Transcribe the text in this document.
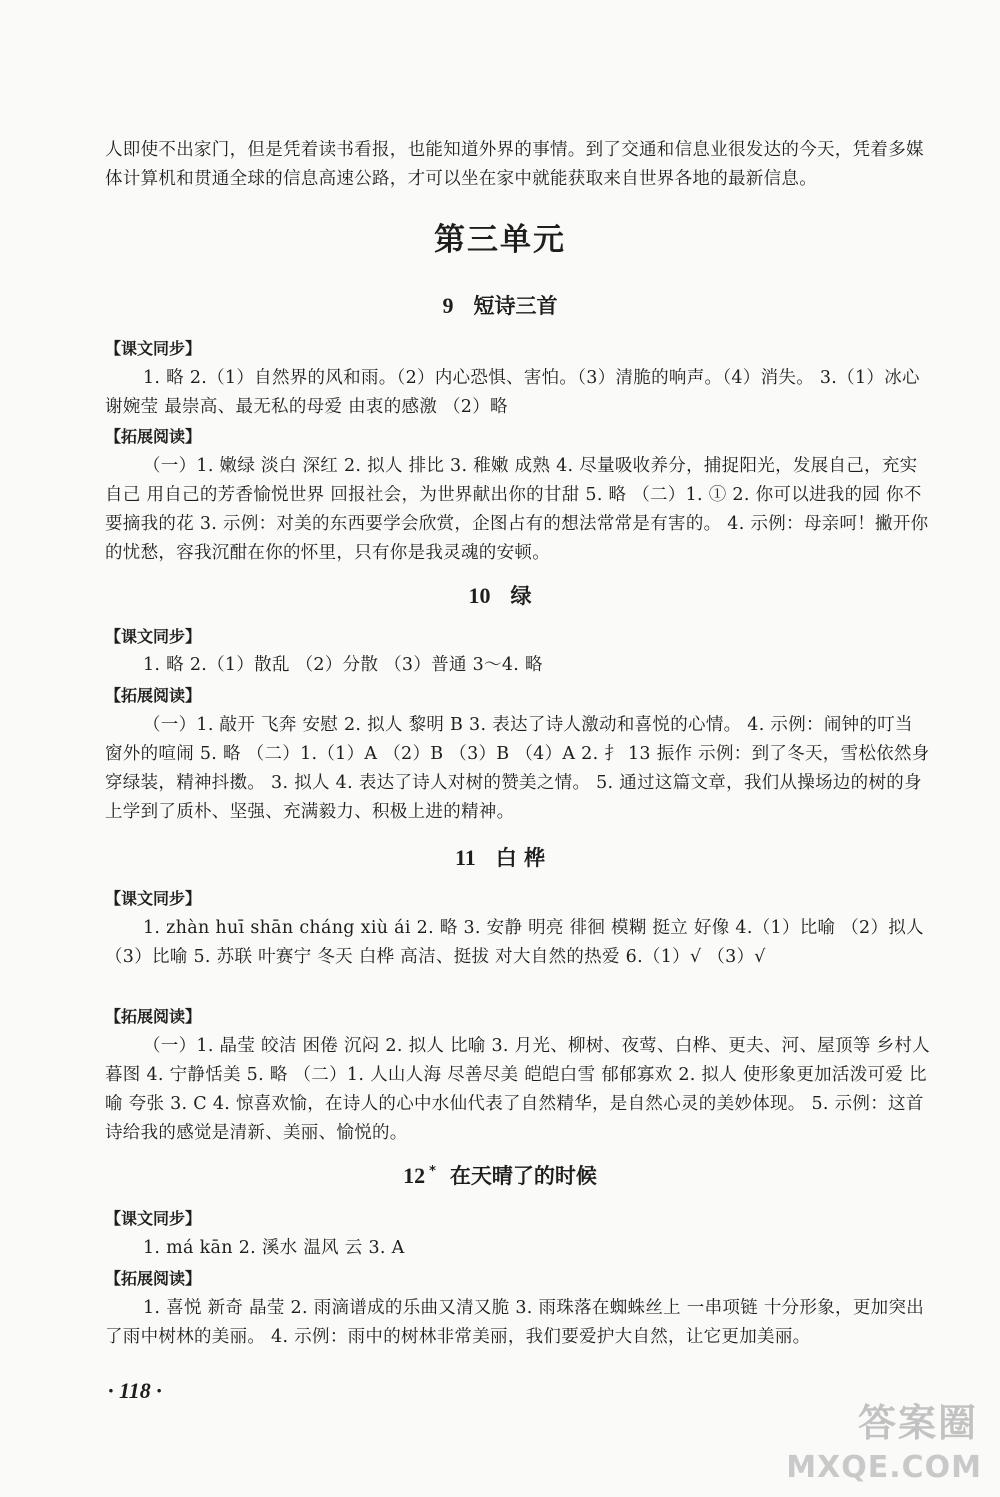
人即使不出家门，但是凭着读书看报，也能知道外界的事情。到了交通和信息业很发达的今天，凭着多媒体计算机和贯通全球的信息高速公路，才可以坐在家中就能获取来自世界各地的最新信息。

第三单元
9 短诗三首

【课文同步】

1. 略 2.（1）自然界的风和雨。（2）内心恐惧、害怕。（3）清脆的响声。（4）消失。 3.（1）冰心 谢婉莹 最崇高、最无私的母爱 由衷的感激 （2）略

【拓展阅读】

（一）1. 嫩绿 淡白 深红 2. 拟人 排比 3. 稚嫩 成熟 4. 尽量吸收养分，捕捉阳光，发展自己，充实自己 用自己的芳香愉悦世界 回报社会，为世界献出你的甘甜 5. 略 （二）1. ① 2. 你可以进我的园 你不要摘我的花 3. 示例：对美的东西要学会欣赏，企图占有的想法常常是有害的。 4. 示例：母亲呵！撇开你的忧愁，容我沉酣在你的怀里，只有你是我灵魂的安顿。

10 绿

【课文同步】

1. 略 2.（1）散乱 （2）分散 （3）普通 3～4. 略

【拓展阅读】

（一）1. 敲开 飞奔 安慰 2. 拟人 黎明 B 3. 表达了诗人激动和喜悦的心情。 4. 示例：闹钟的叮当 窗外的喧闹 5. 略 （二）1.（1）A （2）B （3）B （4）A 2. 扌 13 振作 示例：到了冬天，雪松依然身穿绿装，精神抖擞。 3. 拟人 4. 表达了诗人对树的赞美之情。 5. 通过这篇文章，我们从操场边的树的身上学到了质朴、坚强、充满毅力、积极上进的精神。

11 白 桦

【课文同步】

1. zhàn huī shān cháng xiù ái 2. 略 3. 安静 明亮 徘徊 模糊 挺立 好像 4.（1）比喻 （2）拟人 （3）比喻 5. 苏联 叶赛宁 冬天 白桦 高洁、挺拔 对大自然的热爱 6.（1）√ （3）√

【拓展阅读】

（一）1. 晶莹 皎洁 困倦 沉闷 2. 拟人 比喻 3. 月光、柳树、夜莺、白桦、更夫、河、屋顶等 乡村人暮图 4. 宁静恬美 5. 略 （二）1. 人山人海 尽善尽美 皑皑白雪 郁郁寡欢 2. 拟人 使形象更加活泼可爱 比喻 夸张 3. C 4. 惊喜欢愉，在诗人的心中水仙代表了自然精华，是自然心灵的美妙体现。 5. 示例：这首诗给我的感觉是清新、美丽、愉悦的。

12 * 在天晴了的时候

【课文同步】

1. má kān 2. 溪水 温风 云 3. A

【拓展阅读】

1. 喜悦 新奇 晶莹 2. 雨滴谱成的乐曲又清又脆 3. 雨珠落在蜘蛛丝上 一串项链 十分形象，更加突出了雨中树林的美丽。 4. 示例：雨中的树林非常美丽，我们要爱护大自然，让它更加美丽。

· 118 ·
答案圈
MXQE.COM
